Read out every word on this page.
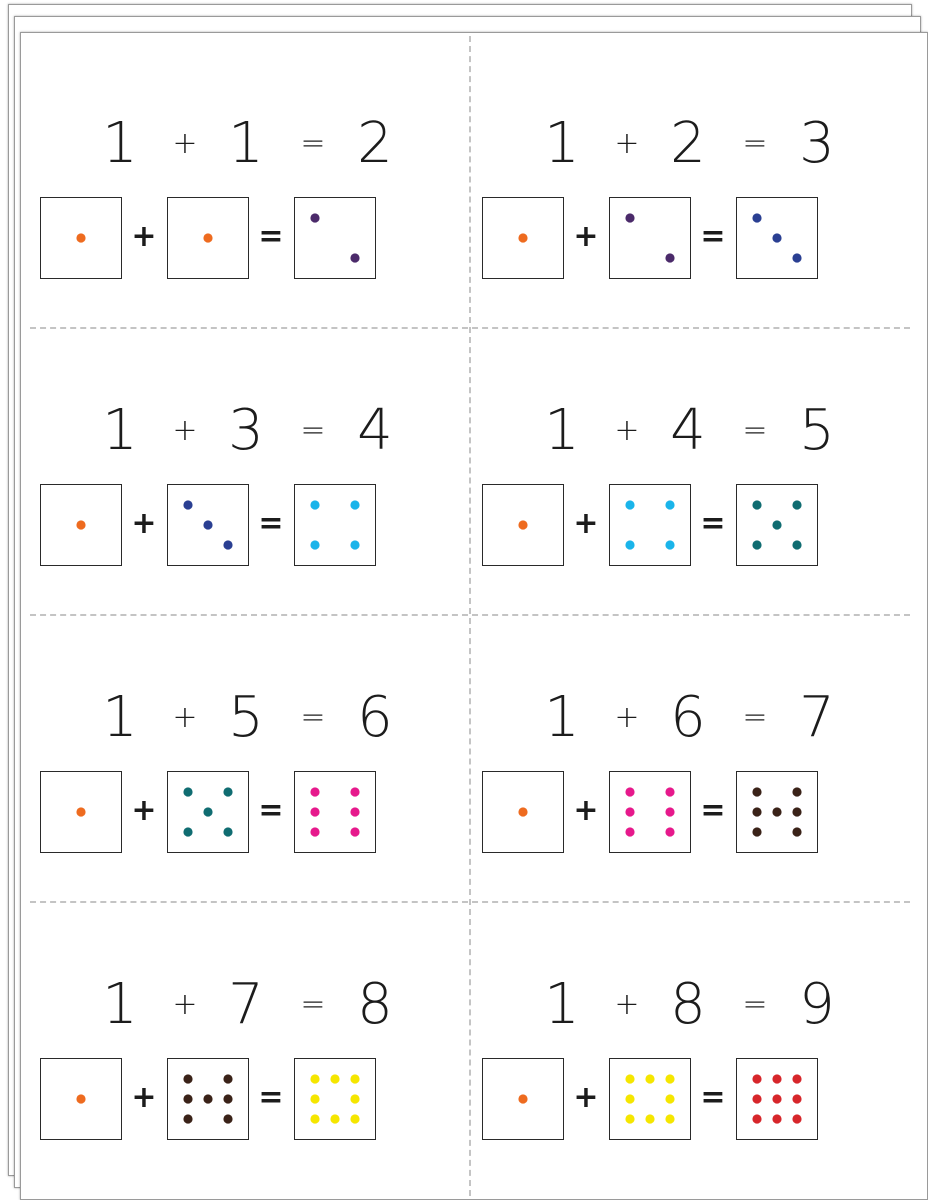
1	+ 1	= 2
+	=
1	+ 2	= 3
+	=
1	+ 3	= 4
+	=
1	+ 4	= 5
+	=
1	+ 5	= 6
+	=
1	+ 6	= 7
+	=
1	+ 7	= 8
+	=
1	+ 8	= 9
+	=
